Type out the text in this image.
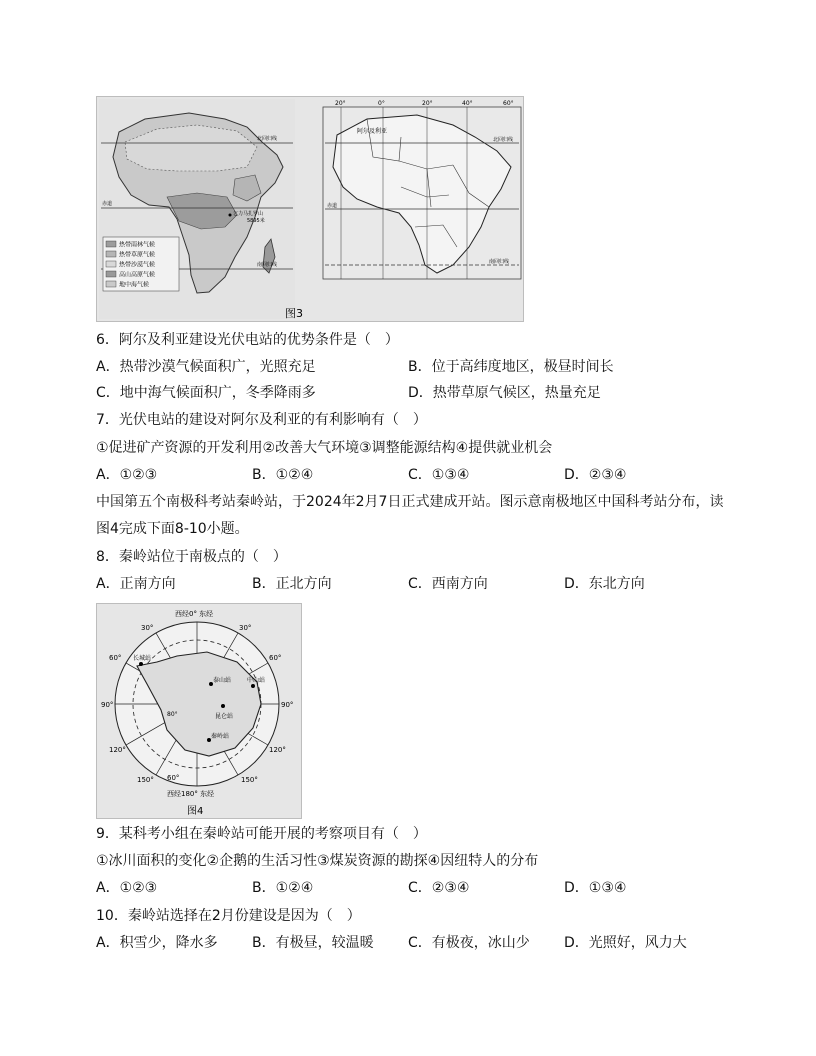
赤道
南回归线
北回归线
乞力马扎罗山
5895米
热带雨林气候
热带草原气候
热带沙漠气候
高山高原气候
地中海气候
20°	0°	20°	40°	60°
阿尔及利亚
北回归线
赤道
南回归线
图3
6．阿尔及利亚建设光伏电站的优势条件是（　）
A．热带沙漠气候面积广，光照充足	B．位于高纬度地区，极昼时间长
C．地中海气候面积广，冬季降雨多	D．热带草原气候区，热量充足
7．光伏电站的建设对阿尔及利亚的有利影响有（　）
①促进矿产资源的开发利用②改善大气环境③调整能源结构④提供就业机会
A．①②③	B．①②④	C．①③④	D．②③④
中国第五个南极科考站秦岭站，于2024年2月7日正式建成开站。图示意南极地区中国科考站分布，读
图4完成下面8-10小题。
8．秦岭站位于南极点的（　）
A．正南方向	B．正北方向	C．西南方向	D．东北方向
西经0° 东经
西经180° 东经
30°	30°
60°	60°
90°	90°
120°	120°
150°	150°
60°
80°
长城站
泰山站	中山站
昆仑站
秦岭站
图4
9．某科考小组在秦岭站可能开展的考察项目有（　）
①冰川面积的变化②企鹅的生活习性③煤炭资源的勘探④因纽特人的分布
A．①②③	B．①②④	C．②③④	D．①③④
10．秦岭站选择在2月份建设是因为（　）
A．积雪少，降水多 B．有极昼，较温暖 C．有极夜，冰山少 D．光照好，风力大
